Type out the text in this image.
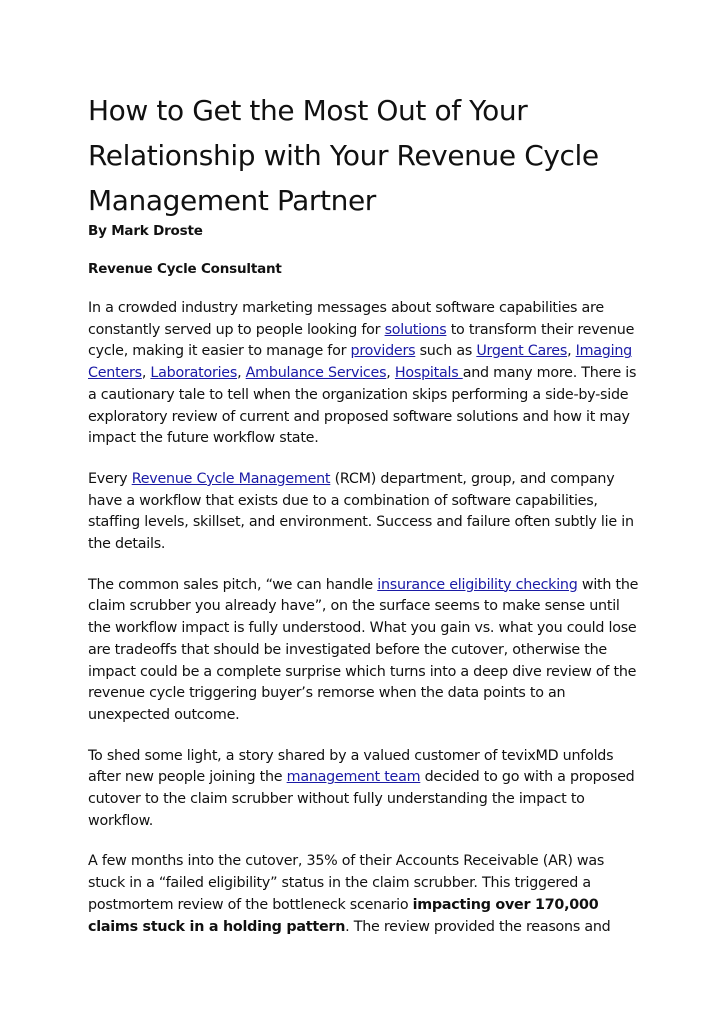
How to Get the Most Out of Your Relationship with Your Revenue Cycle Management Partner
By Mark Droste
Revenue Cycle Consultant

In a crowded industry marketing messages about software capabilities are constantly served up to people looking for solutions to transform their revenue cycle, making it easier to manage for providers such as Urgent Cares, Imaging Centers, Laboratories, Ambulance Services, Hospitals and many more. There is a cautionary tale to tell when the organization skips performing a side-by-side exploratory review of current and proposed software solutions and how it may impact the future workflow state.

Every Revenue Cycle Management (RCM) department, group, and company have a workflow that exists due to a combination of software capabilities, staffing levels, skillset, and environment. Success and failure often subtly lie in the details.

The common sales pitch, “we can handle insurance eligibility checking with the claim scrubber you already have”, on the surface seems to make sense until the workflow impact is fully understood. What you gain vs. what you could lose are tradeoffs that should be investigated before the cutover, otherwise the impact could be a complete surprise which turns into a deep dive review of the revenue cycle triggering buyer’s remorse when the data points to an unexpected outcome.

To shed some light, a story shared by a valued customer of tevixMD unfolds after new people joining the management team decided to go with a proposed cutover to the claim scrubber without fully understanding the impact to workflow.

A few months into the cutover, 35% of their Accounts Receivable (AR) was stuck in a “failed eligibility” status in the claim scrubber. This triggered a postmortem review of the bottleneck scenario impacting over 170,000 claims stuck in a holding pattern. The review provided the reasons and
